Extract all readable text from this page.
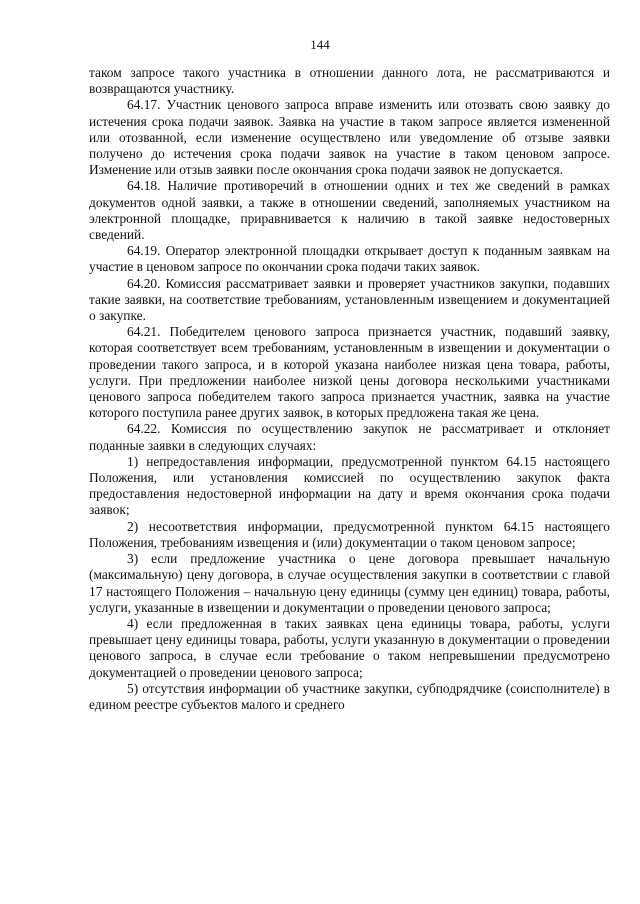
144

таком запросе такого участника в отношении данного лота, не рассматриваются и возвращаются участнику.

64.17. Участник ценового запроса вправе изменить или отозвать свою заявку до истечения срока подачи заявок. Заявка на участие в таком запросе является измененной или отозванной, если изменение осуществлено или уведомление об отзыве заявки получено до истечения срока подачи заявок на участие в таком ценовом запросе. Изменение или отзыв заявки после окончания срока подачи заявок не допускается.

64.18. Наличие противоречий в отношении одних и тех же сведений в рамках документов одной заявки, а также в отношении сведений, заполняемых участником на электронной площадке, приравнивается к наличию в такой заявке недостоверных сведений.

64.19. Оператор электронной площадки открывает доступ к поданным заявкам на участие в ценовом запросе по окончании срока подачи таких заявок.

64.20. Комиссия рассматривает заявки и проверяет участников закупки, подавших такие заявки, на соответствие требованиям, установленным извещением и документацией о закупке.

64.21. Победителем ценового запроса признается участник, подавший заявку, которая соответствует всем требованиям, установленным в извещении и документации о проведении такого запроса, и в которой указана наиболее низкая цена товара, работы, услуги. При предложении наиболее низкой цены договора несколькими участниками ценового запроса победителем такого запроса признается участник, заявка на участие которого поступила ранее других заявок, в которых предложена такая же цена.

64.22. Комиссия по осуществлению закупок не рассматривает и отклоняет поданные заявки в следующих случаях:

1) непредоставления информации, предусмотренной пунктом 64.15 настоящего Положения, или установления комиссией по осуществлению закупок факта предоставления недостоверной информации на дату и время окончания срока подачи заявок;

2) несоответствия информации, предусмотренной пунктом 64.15 настоящего Положения, требованиям извещения и (или) документации о таком ценовом запросе;

3) если предложение участника о цене договора превышает начальную (максимальную) цену договора, в случае осуществления закупки в соответствии с главой 17 настоящего Положения – начальную цену единицы (сумму цен единиц) товара, работы, услуги, указанные в извещении и документации о проведении ценового запроса;

4) если предложенная в таких заявках цена единицы товара, работы, услуги превышает цену единицы товара, работы, услуги указанную в документации о проведении ценового запроса, в случае если требование о таком непревышении предусмотрено документацией о проведении ценового запроса;

5) отсутствия информации об участнике закупки, субподрядчике (соисполнителе) в едином реестре субъектов малого и среднего
